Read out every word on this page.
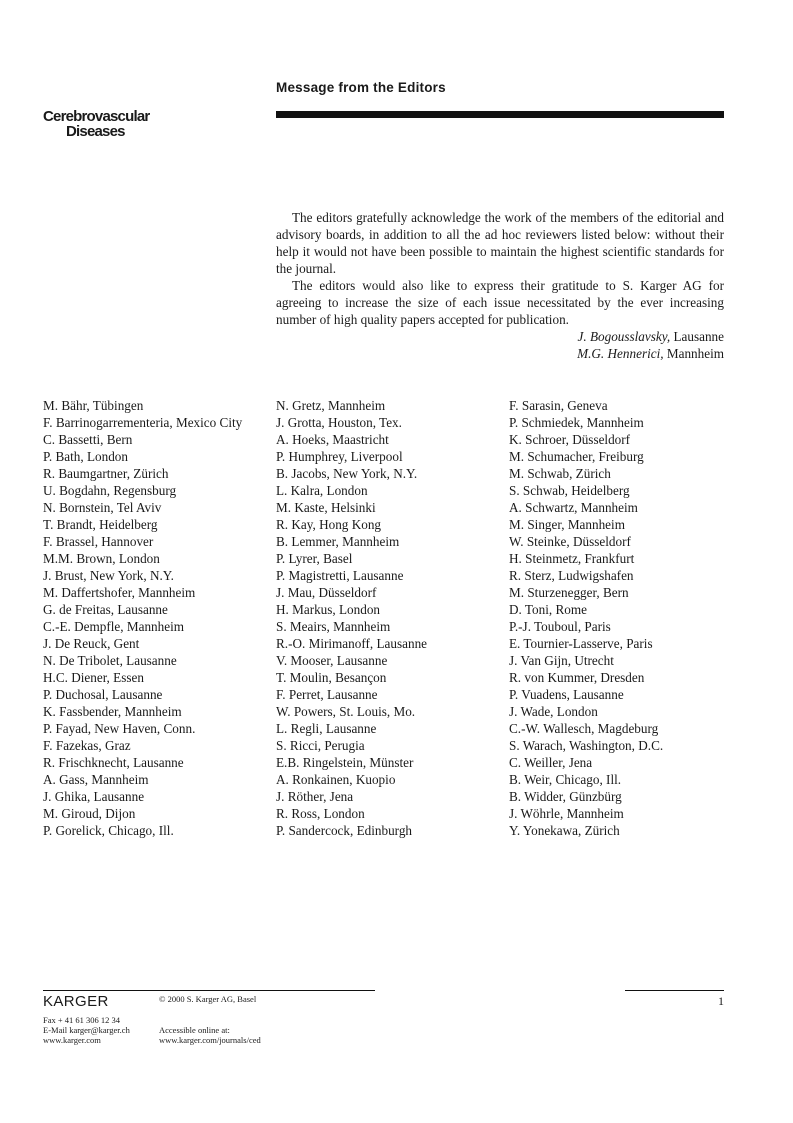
Message from the Editors
Cerebrovascular
Diseases

The editors gratefully acknowledge the work of the members of the editorial and advisory boards, in addition to all the ad hoc reviewers listed below: without their help it would not have been possible to maintain the highest scientific standards for the journal.

The editors would also like to express their gratitude to S. Karger AG for agreeing to increase the size of each issue necessitated by the ever increasing number of high quality papers accepted for publication.

J. Bogousslavsky, Lausanne
M.G. Hennerici, Mannheim
M. Bähr, Tübingen
F. Barrinogarrementeria, Mexico City
C. Bassetti, Bern
P. Bath, London
R. Baumgartner, Zürich
U. Bogdahn, Regensburg
N. Bornstein, Tel Aviv
T. Brandt, Heidelberg
F. Brassel, Hannover
M.M. Brown, London
J. Brust, New York, N.Y.
M. Daffertshofer, Mannheim
G. de Freitas, Lausanne
C.-E. Dempfle, Mannheim
J. De Reuck, Gent
N. De Tribolet, Lausanne
H.C. Diener, Essen
P. Duchosal, Lausanne
K. Fassbender, Mannheim
P. Fayad, New Haven, Conn.
F. Fazekas, Graz
R. Frischknecht, Lausanne
A. Gass, Mannheim
J. Ghika, Lausanne
M. Giroud, Dijon
P. Gorelick, Chicago, Ill.
N. Gretz, Mannheim
J. Grotta, Houston, Tex.
A. Hoeks, Maastricht
P. Humphrey, Liverpool
B. Jacobs, New York, N.Y.
L. Kalra, London
M. Kaste, Helsinki
R. Kay, Hong Kong
B. Lemmer, Mannheim
P. Lyrer, Basel
P. Magistretti, Lausanne
J. Mau, Düsseldorf
H. Markus, London
S. Meairs, Mannheim
R.-O. Mirimanoff, Lausanne
V. Mooser, Lausanne
T. Moulin, Besançon
F. Perret, Lausanne
W. Powers, St. Louis, Mo.
L. Regli, Lausanne
S. Ricci, Perugia
E.B. Ringelstein, Münster
A. Ronkainen, Kuopio
J. Röther, Jena
R. Ross, London
P. Sandercock, Edinburgh
F. Sarasin, Geneva
P. Schmiedek, Mannheim
K. Schroer, Düsseldorf
M. Schumacher, Freiburg
M. Schwab, Zürich
S. Schwab, Heidelberg
A. Schwartz, Mannheim
M. Singer, Mannheim
W. Steinke, Düsseldorf
H. Steinmetz, Frankfurt
R. Sterz, Ludwigshafen
M. Sturzenegger, Bern
D. Toni, Rome
P.-J. Touboul, Paris
E. Tournier-Lasserve, Paris
J. Van Gijn, Utrecht
R. von Kummer, Dresden
P. Vuadens, Lausanne
J. Wade, London
C.-W. Wallesch, Magdeburg
S. Warach, Washington, D.C.
C. Weiller, Jena
B. Weir, Chicago, Ill.
B. Widder, Günzbürg
J. Wöhrle, Mannheim
Y. Yonekawa, Zürich
KARGER	© 2000 S. Karger AG, Basel	1
Fax + 41 61 306 12 34
E-Mail karger@karger.ch
www.karger.com
Accessible online at:
www.karger.com/journals/ced
